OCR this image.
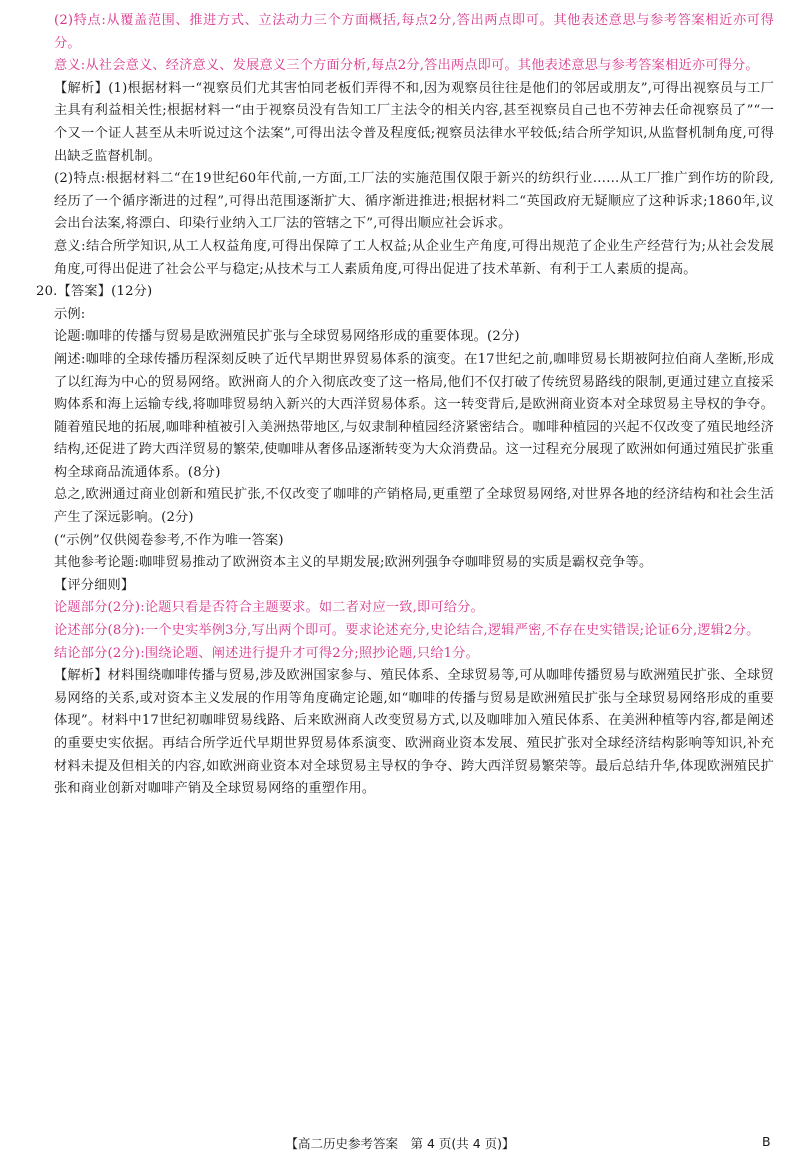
(2)特点:从覆盖范围、推进方式、立法动力三个方面概括,每点2分,答出两点即可。其他表述意思与参考答案相近亦可得分。

意义:从社会意义、经济意义、发展意义三个方面分析,每点2分,答出两点即可。其他表述意思与参考答案相近亦可得分。

【解析】(1)根据材料一“视察员们尤其害怕同老板们弄得不和,因为观察员往往是他们的邻居或朋友”,可得出视察员与工厂主具有利益相关性;根据材料一“由于视察员没有告知工厂主法令的相关内容,甚至视察员自己也不劳神去任命视察员了”“一个又一个证人甚至从未听说过这个法案”,可得出法令普及程度低;视察员法律水平较低;结合所学知识,从监督机制角度,可得出缺乏监督机制。

(2)特点:根据材料二“在19世纪60年代前,一方面,工厂法的实施范围仅限于新兴的纺织行业……从工厂推广到作坊的阶段,经历了一个循序渐进的过程”,可得出范围逐渐扩大、循序渐进推进;根据材料二“英国政府无疑顺应了这种诉求;1860年,议会出台法案,将漂白、印染行业纳入工厂法的管辖之下”,可得出顺应社会诉求。

意义:结合所学知识,从工人权益角度,可得出保障了工人权益;从企业生产角度,可得出规范了企业生产经营行为;从社会发展角度,可得出促进了社会公平与稳定;从技术与工人素质角度,可得出促进了技术革新、有利于工人素质的提高。

20.【答案】(12分)

示例:

论题:咖啡的传播与贸易是欧洲殖民扩张与全球贸易网络形成的重要体现。(2分)

阐述:咖啡的全球传播历程深刻反映了近代早期世界贸易体系的演变。在17世纪之前,咖啡贸易长期被阿拉伯商人垄断,形成了以红海为中心的贸易网络。欧洲商人的介入彻底改变了这一格局,他们不仅打破了传统贸易路线的限制,更通过建立直接采购体系和海上运输专线,将咖啡贸易纳入新兴的大西洋贸易体系。这一转变背后,是欧洲商业资本对全球贸易主导权的争夺。随着殖民地的拓展,咖啡种植被引入美洲热带地区,与奴隶制种植园经济紧密结合。咖啡种植园的兴起不仅改变了殖民地经济结构,还促进了跨大西洋贸易的繁荣,使咖啡从奢侈品逐渐转变为大众消费品。这一过程充分展现了欧洲如何通过殖民扩张重构全球商品流通体系。(8分)

总之,欧洲通过商业创新和殖民扩张,不仅改变了咖啡的产销格局,更重塑了全球贸易网络,对世界各地的经济结构和社会生活产生了深远影响。(2分)

(“示例”仅供阅卷参考,不作为唯一答案)

其他参考论题:咖啡贸易推动了欧洲资本主义的早期发展;欧洲列强争夺咖啡贸易的实质是霸权竞争等。

【评分细则】

论题部分(2分):论题只看是否符合主题要求。如二者对应一致,即可给分。

论述部分(8分):一个史实举例3分,写出两个即可。要求论述充分,史论结合,逻辑严密,不存在史实错误;论证6分,逻辑2分。

结论部分(2分):围绕论题、阐述进行提升才可得2分;照抄论题,只给1分。

【解析】材料围绕咖啡传播与贸易,涉及欧洲国家参与、殖民体系、全球贸易等,可从咖啡传播贸易与欧洲殖民扩张、全球贸易网络的关系,或对资本主义发展的作用等角度确定论题,如“咖啡的传播与贸易是欧洲殖民扩张与全球贸易网络形成的重要体现”。材料中17世纪初咖啡贸易线路、后来欧洲商人改变贸易方式,以及咖啡加入殖民体系、在美洲种植等内容,都是阐述的重要史实依据。再结合所学近代早期世界贸易体系演变、欧洲商业资本发展、殖民扩张对全球经济结构影响等知识,补充材料未提及但相关的内容,如欧洲商业资本对全球贸易主导权的争夺、跨大西洋贸易繁荣等。最后总结升华,体现欧洲殖民扩张和商业创新对咖啡产销及全球贸易网络的重塑作用。

【高二历史参考答案　第 4 页(共 4 页)】	B
